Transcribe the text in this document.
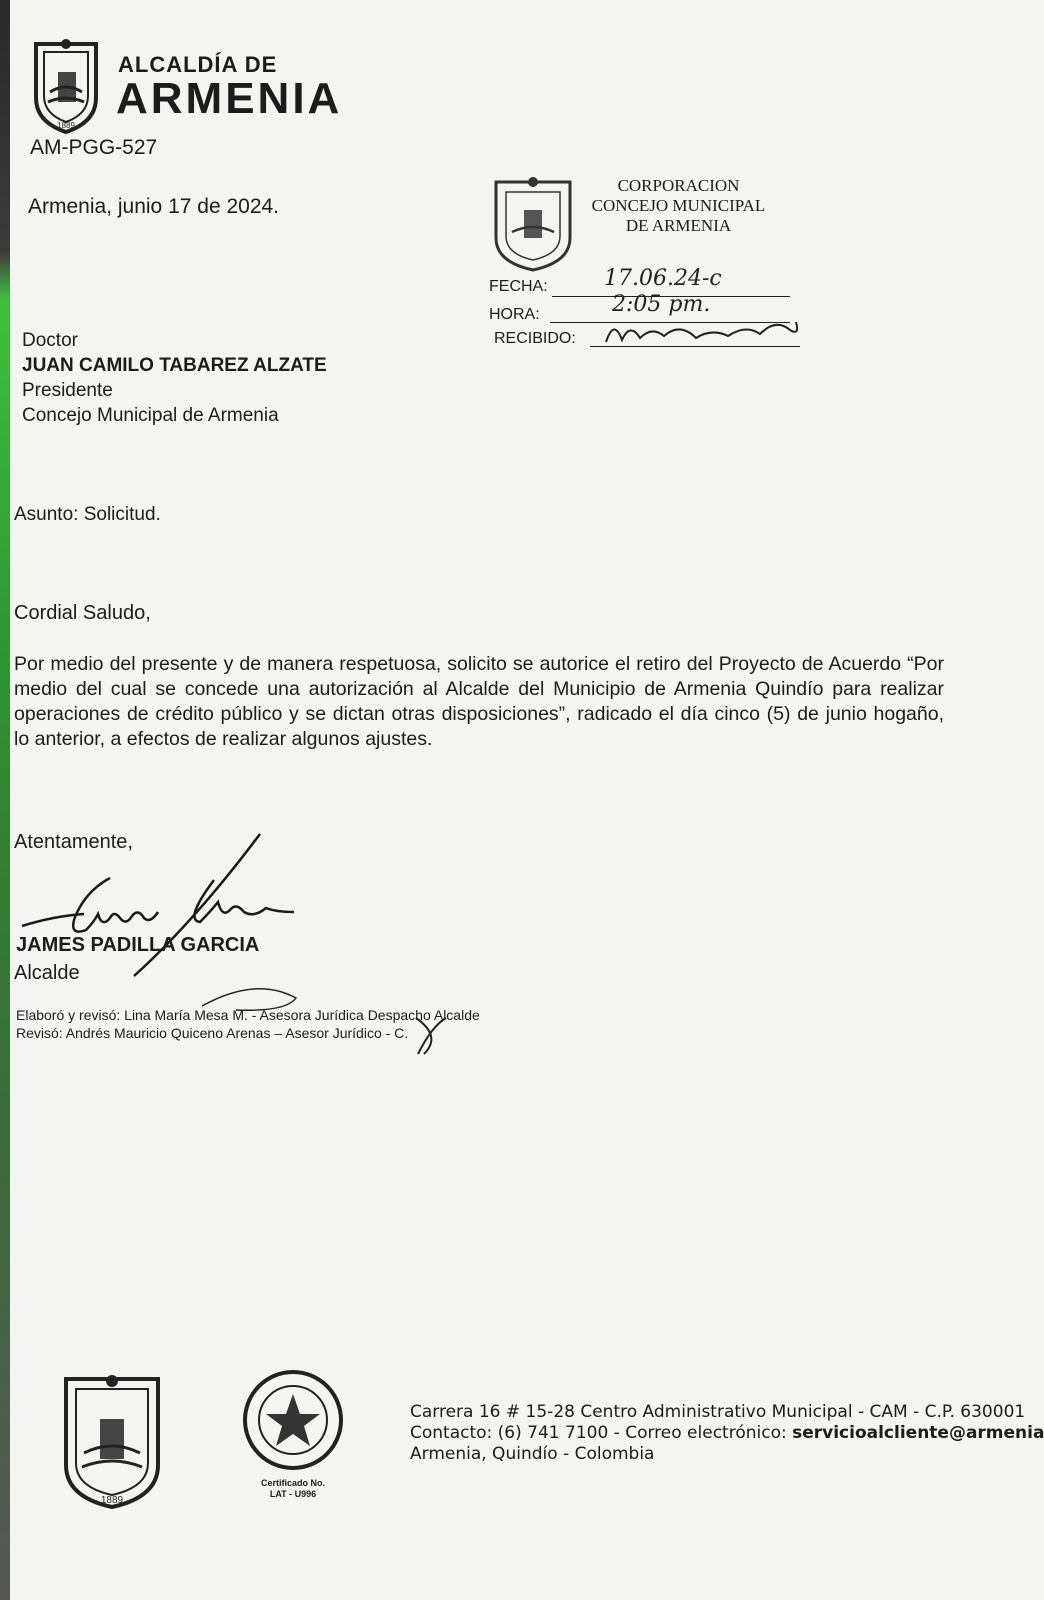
1889
ALCALDÍA DE
ARMENIA
AM-PGG-527
Armenia, junio 17 de 2024.
CORPORACION
CONCEJO MUNICIPAL
DE ARMENIA
FECHA:	17.06.24-c
HORA:	2:05 pm.
RECIBIDO:
Doctor
JUAN CAMILO TABAREZ ALZATE
Presidente
Concejo Municipal de Armenia
Asunto: Solicitud.
Cordial Saludo,
Por medio del presente y de manera respetuosa, solicito se autorice el retiro del Proyecto de Acuerdo “Por medio del cual se concede una autorización al Alcalde del Municipio de Armenia Quindío para realizar operaciones de crédito público y se dictan otras disposiciones”, radicado el día cinco (5) de junio hogaño, lo anterior, a efectos de realizar algunos ajustes.
Atentamente,
JAMES PADILLA GARCIA
Alcalde
Elaboró y revisó: Lina María Mesa M. - Asesora Jurídica Despacho Alcalde
Revisó: Andrés Mauricio Quiceno Arenas – Asesor Jurídico - C.
1889
Certificado No.
LAT - U996
Carrera 16 # 15-28 Centro Administrativo Municipal - CAM - C.P. 630001
Contacto: (6) 741 7100 - Correo electrónico: servicioalcliente@armenia
Armenia, Quindío - Colombia
